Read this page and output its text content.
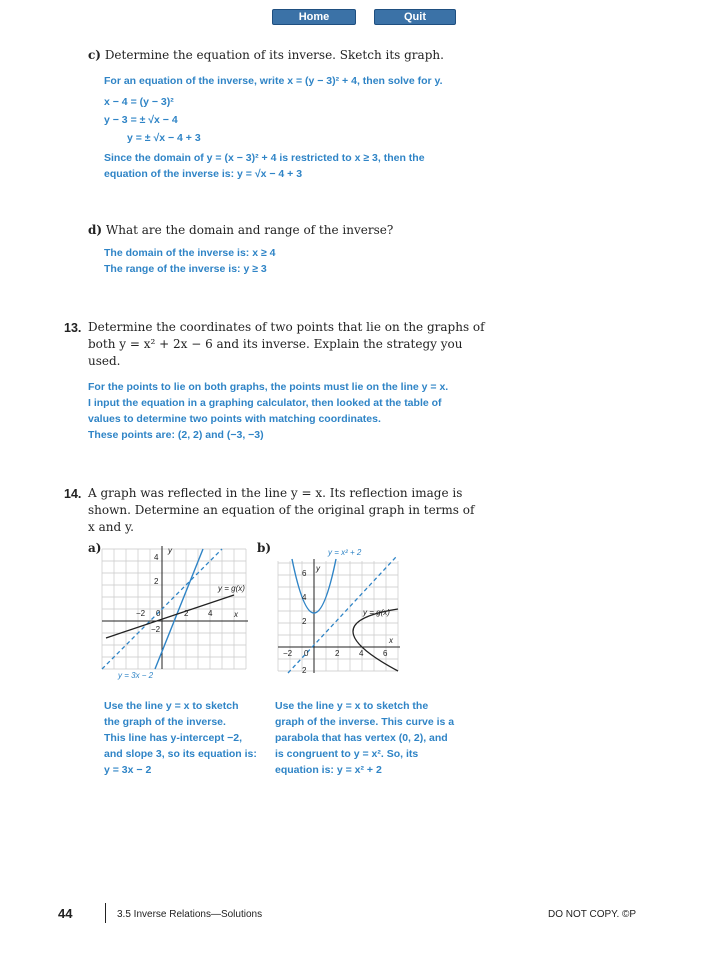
Home	Quit
c) Determine the equation of its inverse. Sketch its graph.
For an equation of the inverse, write x = (y − 3)² + 4, then solve for y.
x − 4 = (y − 3)²
y − 3 = ± √x − 4
y = ± √x − 4 + 3
Since the domain of y = (x − 3)² + 4 is restricted to x ≥ 3, then the
equation of the inverse is: y = √x − 4 + 3
d) What are the domain and range of the inverse?
The domain of the inverse is: x ≥ 4
The range of the inverse is: y ≥ 3
13. Determine the coordinates of two points that lie on the graphs of
both y = x² + 2x − 6 and its inverse. Explain the strategy you
used.
For the points to lie on both graphs, the points must lie on the line y = x.
I input the equation in a graphing calculator, then looked at the table of
values to determine two points with matching coordinates.
These points are: (2, 2) and (−3, −3)
14. A graph was reflected in the line y = x. Its reflection image is
shown. Determine an equation of the original graph in terms of
x and y.
a)	b)
y
x
4
2
−2 0	2 4
−2
y = g(x)
y = 3x − 2
y
x
6
4
2
−2 0	2 4 6
2
y = g(x)
y = x² + 2
Use the line y = x to sketch
the graph of the inverse.
This line has y-intercept −2,
and slope 3, so its equation is:
y = 3x − 2
Use the line y = x to sketch the
graph of the inverse. This curve is a
parabola that has vertex (0, 2), and
is congruent to y = x². So, its
equation is: y = x² + 2
44	3.5 Inverse Relations—Solutions	DO NOT COPY. ©P
